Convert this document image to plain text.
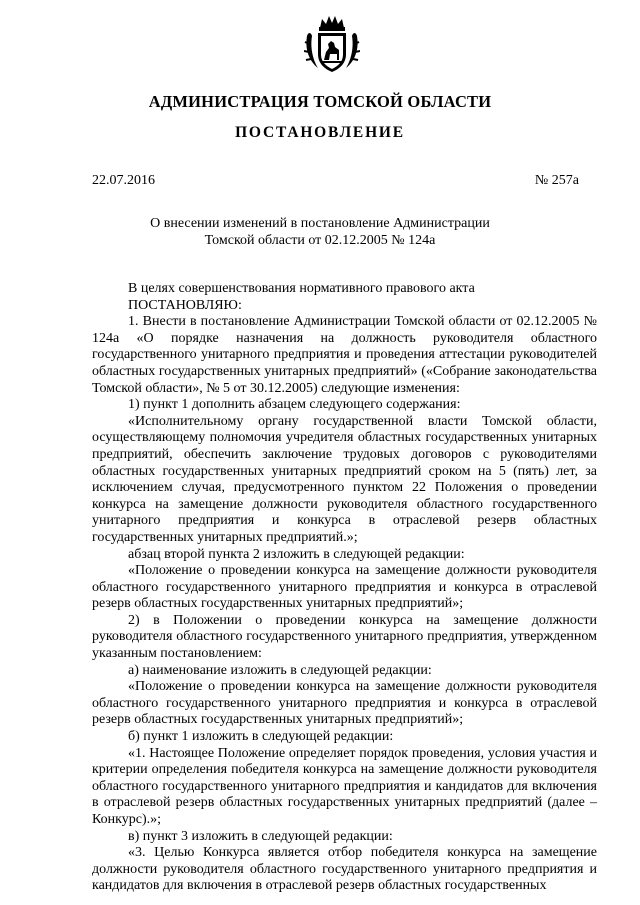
АДМИНИСТРАЦИЯ ТОМСКОЙ ОБЛАСТИ
ПОСТАНОВЛЕНИЕ
22.07.2016	№ 257а
О внесении изменений в постановление Администрации
Томской области от 02.12.2005 № 124а

В целях совершенствования нормативного правового акта

ПОСТАНОВЛЯЮ:

1. Внести в постановление Администрации Томской области от 02.12.2005 № 124а «О порядке назначения на должность руководителя областного государственного унитарного предприятия и проведения аттестации руководителей областных государственных унитарных предприятий» («Собрание законодательства Томской области», № 5 от 30.12.2005) следующие изменения:

1) пункт 1 дополнить абзацем следующего содержания:

«Исполнительному органу государственной власти Томской области, осуществляющему полномочия учредителя областных государственных унитарных предприятий, обеспечить заключение трудовых договоров с руководителями областных государственных унитарных предприятий сроком на 5 (пять) лет, за исключением случая, предусмотренного пунктом 22 Положения о проведении конкурса на замещение должности руководителя областного государственного унитарного предприятия и конкурса в отраслевой резерв областных государственных унитарных предприятий.»;

абзац второй пункта 2 изложить в следующей редакции:

«Положение о проведении конкурса на замещение должности руководителя областного государственного унитарного предприятия и конкурса в отраслевой резерв областных государственных унитарных предприятий»;

2) в Положении о проведении конкурса на замещение должности руководителя областного государственного унитарного предприятия, утвержденном указанным постановлением:

а) наименование изложить в следующей редакции:

«Положение о проведении конкурса на замещение должности руководителя областного государственного унитарного предприятия и конкурса в отраслевой резерв областных государственных унитарных предприятий»;

б) пункт 1 изложить в следующей редакции:

«1. Настоящее Положение определяет порядок проведения, условия участия и критерии определения победителя конкурса на замещение должности руководителя областного государственного унитарного предприятия и кандидатов для включения в отраслевой резерв областных государственных унитарных предприятий (далее – Конкурс).»;

в) пункт 3 изложить в следующей редакции:

«3. Целью Конкурса является отбор победителя конкурса на замещение должности руководителя областного государственного унитарного предприятия и кандидатов для включения в отраслевой резерв областных государственных
